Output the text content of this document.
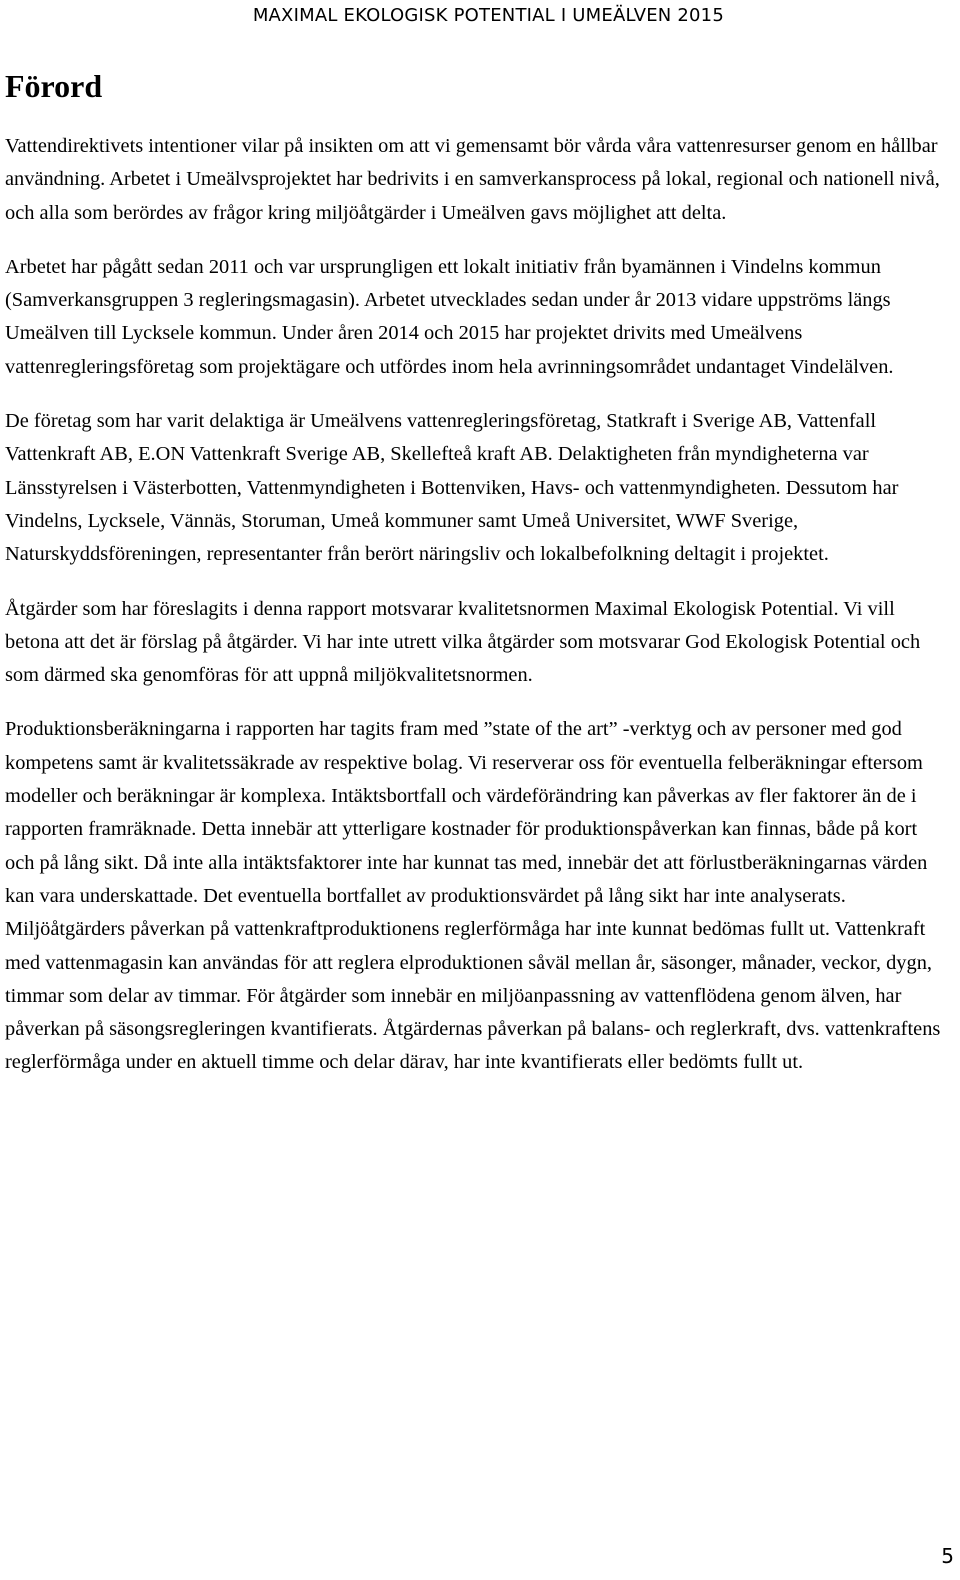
MAXIMAL EKOLOGISK POTENTIAL I UMEÄLVEN 2015
Förord

Vattendirektivets intentioner vilar på insikten om att vi gemensamt bör vårda våra vattenresurser genom en hållbar användning. Arbetet i Umeälvsprojektet har bedrivits i en samverkansprocess på lokal, regional och nationell nivå, och alla som berördes av frågor kring miljöåtgärder i Umeälven gavs möjlighet att delta.

Arbetet har pågått sedan 2011 och var ursprungligen ett lokalt initiativ från byamännen i Vindelns kommun (Samverkansgruppen 3 regleringsmagasin). Arbetet utvecklades sedan under år 2013 vidare uppströms längs Umeälven till Lycksele kommun. Under åren 2014 och 2015 har projektet drivits med Umeälvens vattenregleringsföretag som projektägare och utfördes inom hela avrinningsområdet undantaget Vindelälven.

De företag som har varit delaktiga är Umeälvens vattenregleringsföretag, Statkraft i Sverige AB, Vattenfall Vattenkraft AB, E.ON Vattenkraft Sverige AB, Skellefteå kraft AB. Delaktigheten från myndigheterna var Länsstyrelsen i Västerbotten, Vattenmyndigheten i Bottenviken, Havs- och vattenmyndigheten. Dessutom har Vindelns, Lycksele, Vännäs, Storuman, Umeå kommuner samt Umeå Universitet, WWF Sverige, Naturskyddsföreningen, representanter från berört näringsliv och lokalbefolkning deltagit i projektet.

Åtgärder som har föreslagits i denna rapport motsvarar kvalitetsnormen Maximal Ekologisk Potential. Vi vill betona att det är förslag på åtgärder. Vi har inte utrett vilka åtgärder som motsvarar God Ekologisk Potential och som därmed ska genomföras för att uppnå miljökvalitetsnormen.

Produktionsberäkningarna i rapporten har tagits fram med ”state of the art” -verktyg och av personer med god kompetens samt är kvalitetssäkrade av respektive bolag. Vi reserverar oss för eventuella felberäkningar eftersom modeller och beräkningar är komplexa. Intäktsbortfall och värdeförändring kan påverkas av fler faktorer än de i rapporten framräknade. Detta innebär att ytterligare kostnader för produktionspåverkan kan finnas, både på kort och på lång sikt. Då inte alla intäktsfaktorer inte har kunnat tas med, innebär det att förlustberäkningarnas värden kan vara underskattade. Det eventuella bortfallet av produktionsvärdet på lång sikt har inte analyserats. Miljöåtgärders påverkan på vattenkraftproduktionens reglerförmåga har inte kunnat bedömas fullt ut. Vattenkraft med vattenmagasin kan användas för att reglera elproduktionen såväl mellan år, säsonger, månader, veckor, dygn, timmar som delar av timmar. För åtgärder som innebär en miljöanpassning av vattenflödena genom älven, har påverkan på säsongsregleringen kvantifierats. Åtgärdernas påverkan på balans- och reglerkraft, dvs. vattenkraftens reglerförmåga under en aktuell timme och delar därav, har inte kvantifierats eller bedömts fullt ut.

5
